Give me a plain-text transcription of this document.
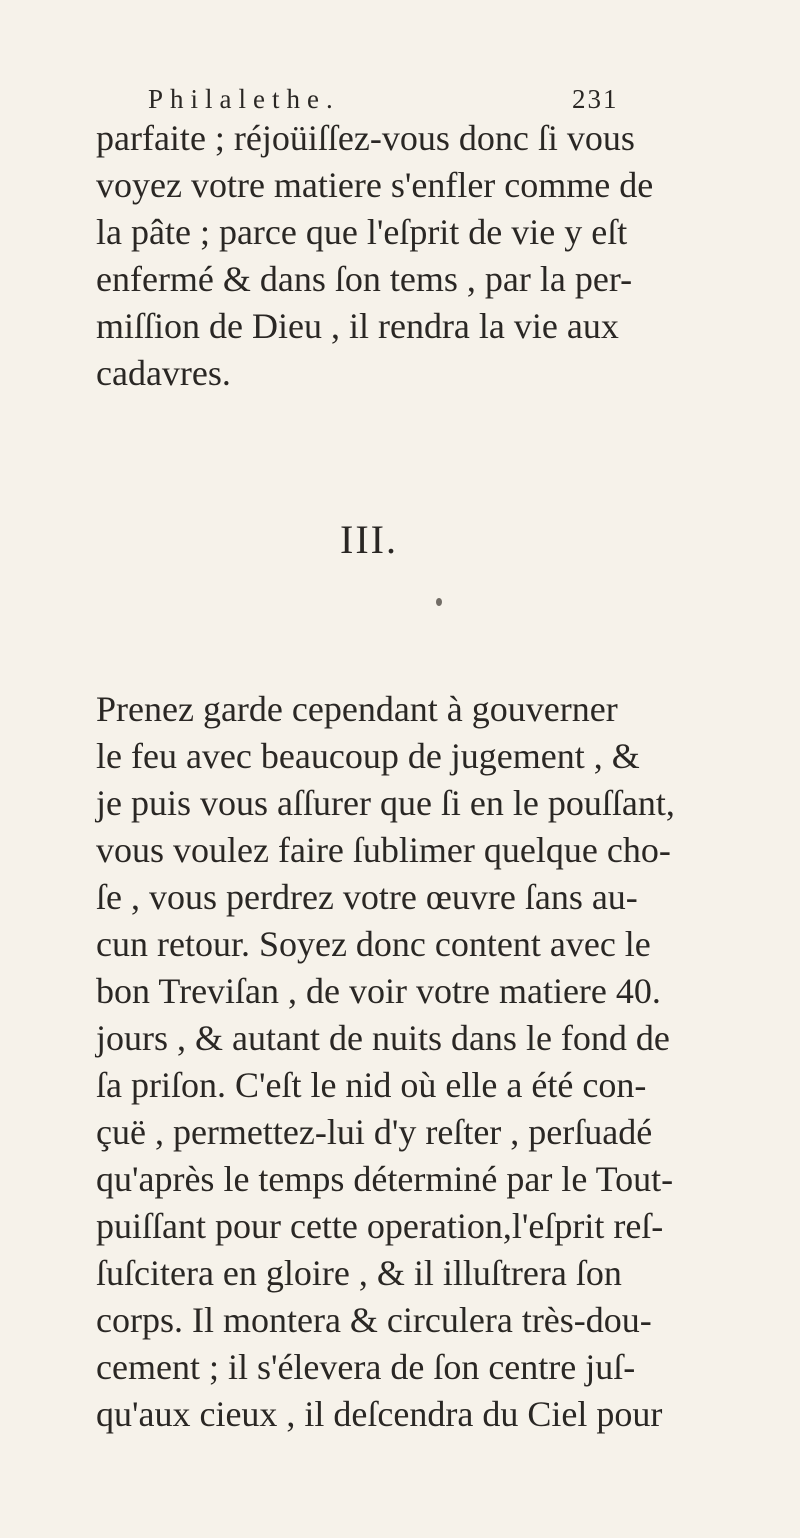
Philalethe.	231
parfaite ; réjoüiſſez-vous donc ſi vous
voyez votre matiere s'enfler comme de
la pâte ; parce que l'eſprit de vie y eſt
enfermé & dans ſon tems , par la per-
miſſion de Dieu , il rendra la vie aux
cadavres.
III.
Prenez garde cependant à gouverner
le feu avec beaucoup de jugement , &
je puis vous aſſurer que ſi en le pouſſant,
vous voulez faire ſublimer quelque cho-
ſe , vous perdrez votre œuvre ſans au-
cun retour. Soyez donc content avec le
bon Treviſan , de voir votre matiere 40.
jours , & autant de nuits dans le fond de
ſa priſon. C'eſt le nid où elle a été con-
çuë , permettez-lui d'y reſter , perſuadé
qu'après le temps déterminé par le Tout-
puiſſant pour cette operation,l'eſprit reſ-
ſuſcitera en gloire , & il illuſtrera ſon
corps. Il montera & circulera très-dou-
cement ; il s'élevera de ſon centre juſ-
qu'aux cieux , il deſcendra du Ciel pour
